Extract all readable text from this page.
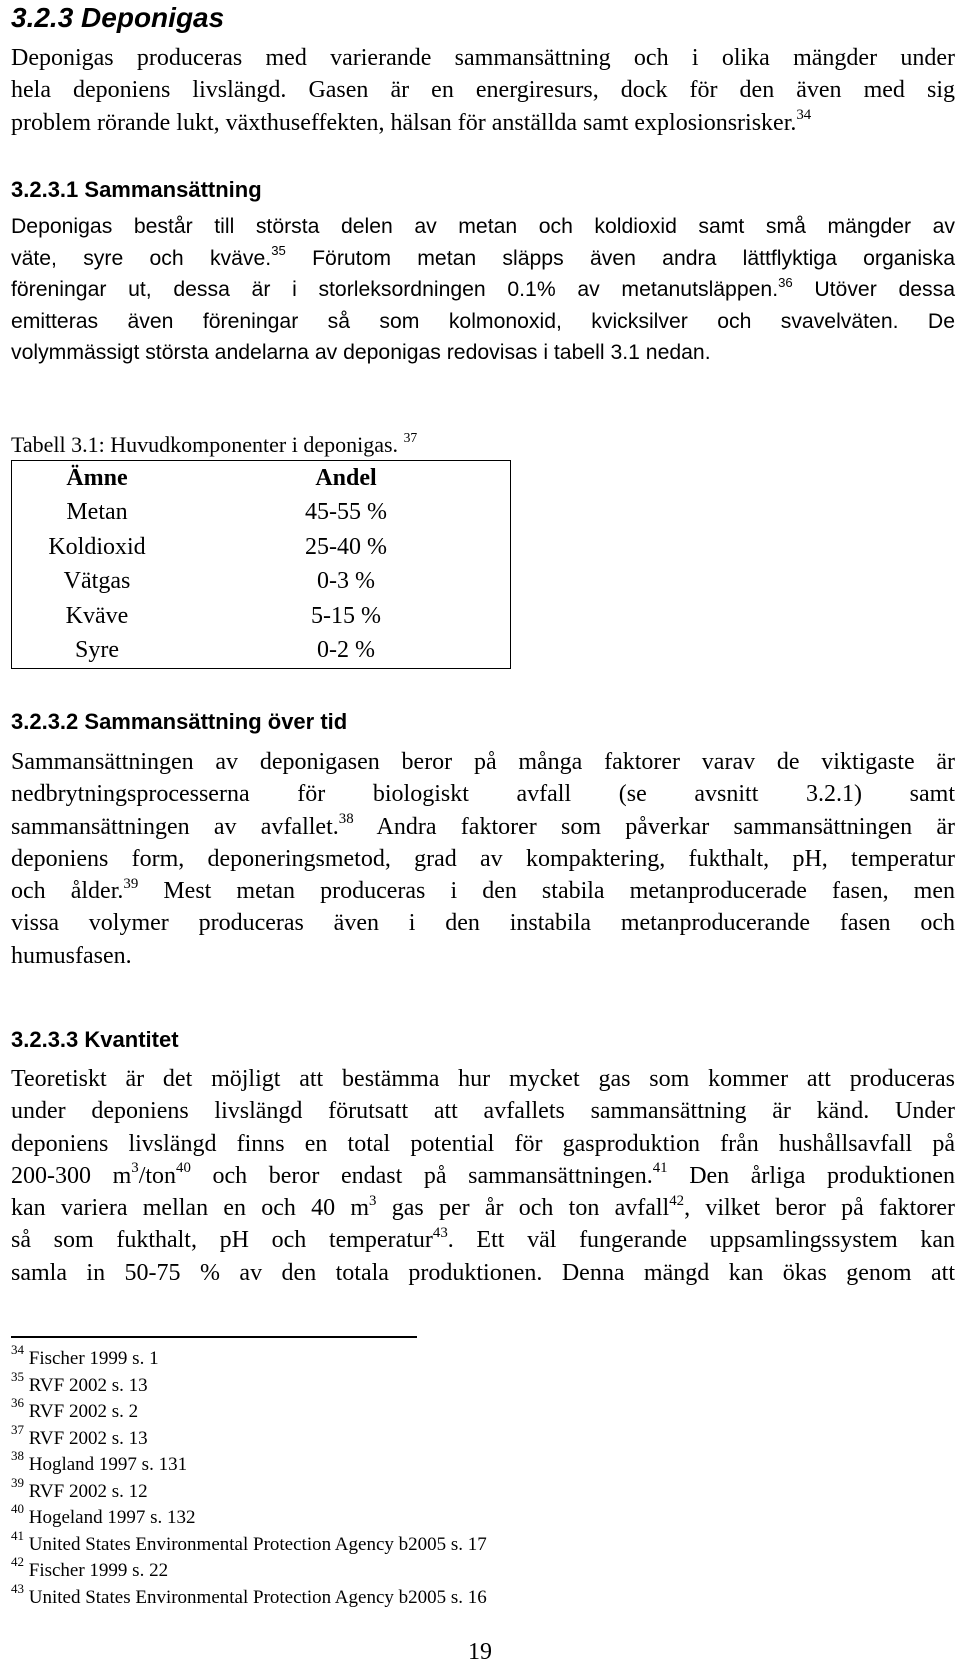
3.2.3 Deponigas
Deponigas produceras med varierande sammansättning och i olika mängder under
hela deponiens livslängd. Gasen är en energiresurs, dock för den även med sig
problem rörande lukt, växthuseffekten, hälsan för anställda samt explosionsrisker.$^{34}$
3.2.3.1 Sammansättning
Deponigas består till största delen av metan och koldioxid samt små mängder av
väte, syre och kväve.$^{35}$ Förutom metan släpps även andra lättflyktiga organiska
föreningar ut, dessa är i storleksordningen 0.1% av metanutsläppen.$^{36}$ Utöver dessa
emitteras även föreningar så som kolmonoxid, kvicksilver och svavelväten. De
volymmässigt största andelarna av deponigas redovisas i tabell 3.1 nedan.
Tabell 3.1: Huvudkomponenter i deponigas. $^{37}$
Ämne	Andel
Metan	45-55 %
Koldioxid	25-40 %
Vätgas	0-3 %
Kväve	5-15 %
Syre	0-2 %
3.2.3.2 Sammansättning över tid
Sammansättningen av deponigasen beror på många faktorer varav de viktigaste är
nedbrytningsprocesserna för biologiskt avfall (se avsnitt 3.2.1) samt
sammansättningen av avfallet.$^{38}$ Andra faktorer som påverkar sammansättningen är
deponiens form, deponeringsmetod, grad av kompaktering, fukthalt, pH, temperatur
och ålder.$^{39}$ Mest metan produceras i den stabila metanproducerade fasen, men
vissa volymer produceras även i den instabila metanproducerande fasen och
humusfasen.
3.2.3.3 Kvantitet
Teoretiskt är det möjligt att bestämma hur mycket gas som kommer att produceras
under deponiens livslängd förutsatt att avfallets sammansättning är känd. Under
deponiens livslängd finns en total potential för gasproduktion från hushållsavfall på
200-300 $m^3/ton^{40}$ och beror endast på sammansättningen.$^{41}$ Den årliga produktionen
kan variera mellan en och 40 $m^3$ gas per år och ton avfall$^{42}$, vilket beror på faktorer
så som fukthalt, pH och temperatur$^{43}$. Ett väl fungerande uppsamlingssystem kan
samla in 50-75 % av den totala produktionen. Denna mängd kan ökas genom att
$^{34}$ Fischer 1999 s. 1
$^{35}$ RVF 2002 s. 13
$^{36}$ RVF 2002 s. 2
$^{37}$ RVF 2002 s. 13
$^{38}$ Hogland 1997 s. 131
$^{39}$ RVF 2002 s. 12
$^{40}$ Hogeland 1997 s. 132
$^{41}$ United States Environmental Protection Agency b2005 s. 17
$^{42}$ Fischer 1999 s. 22
$^{43}$ United States Environmental Protection Agency b2005 s. 16
19
